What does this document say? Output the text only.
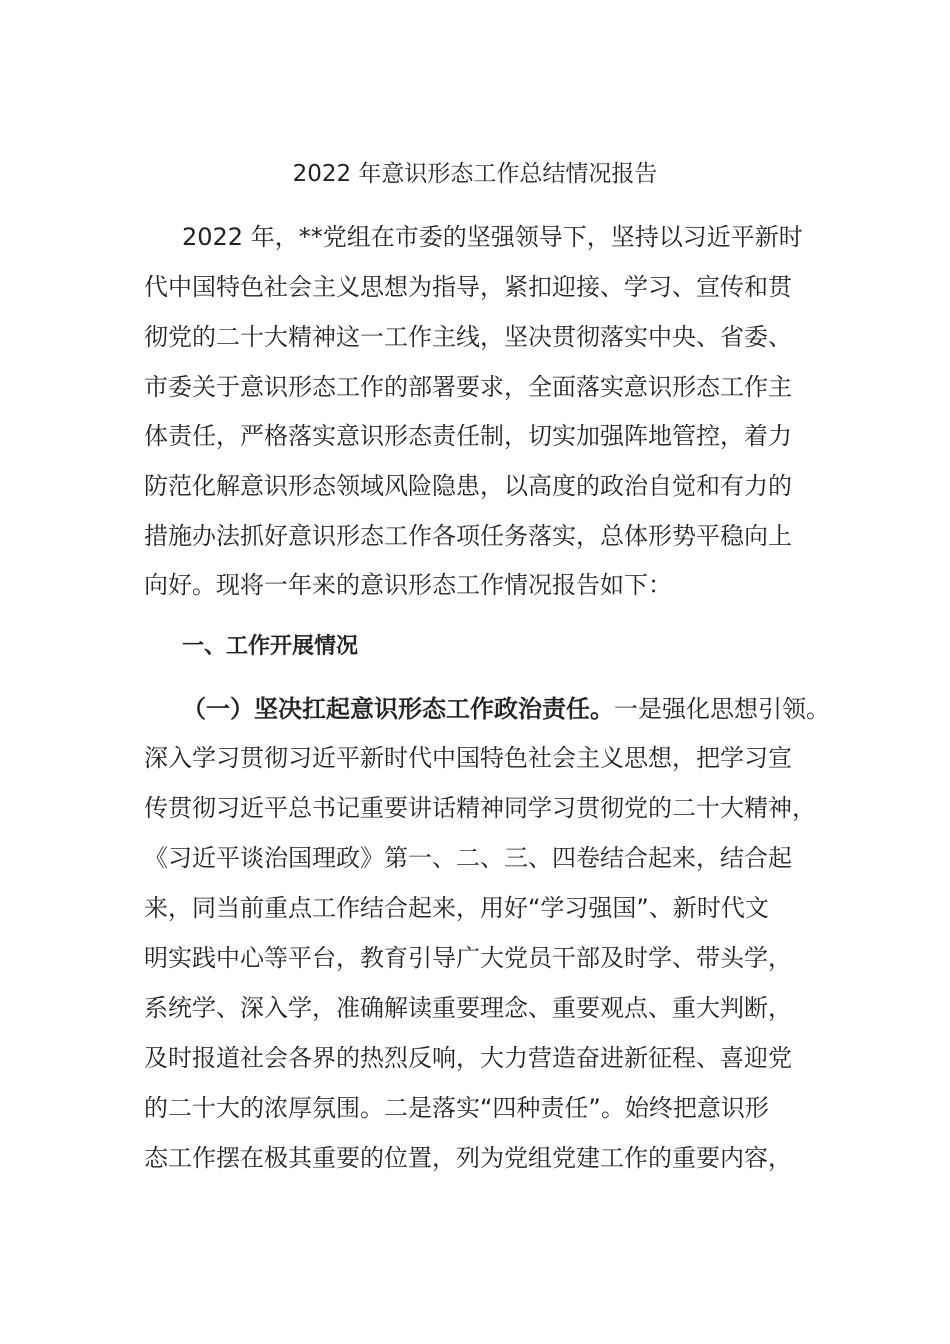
2022 年意识形态工作总结情况报告

2022 年，**党组在市委的坚强领导下，坚持以习近平新时

代中国特色社会主义思想为指导，紧扣迎接、学习、宣传和贯

彻党的二十大精神这一工作主线，坚决贯彻落实中央、省委、

市委关于意识形态工作的部署要求，全面落实意识形态工作主

体责任，严格落实意识形态责任制，切实加强阵地管控，着力

防范化解意识形态领域风险隐患，以高度的政治自觉和有力的

措施办法抓好意识形态工作各项任务落实，总体形势平稳向上

向好。现将一年来的意识形态工作情况报告如下：

一、工作开展情况

（一）坚决扛起意识形态工作政治责任。一是强化思想引领。

深入学习贯彻习近平新时代中国特色社会主义思想，把学习宣

传贯彻习近平总书记重要讲话精神同学习贯彻党的二十大精神，

《习近平谈治国理政》第一、二、三、四卷结合起来，结合起

来，同当前重点工作结合起来，用好“学习强国”、新时代文

明实践中心等平台，教育引导广大党员干部及时学、带头学，

系统学、深入学，准确解读重要理念、重要观点、重大判断，

及时报道社会各界的热烈反响，大力营造奋进新征程、喜迎党

的二十大的浓厚氛围。二是落实“四种责任”。始终把意识形

态工作摆在极其重要的位置，列为党组党建工作的重要内容，
